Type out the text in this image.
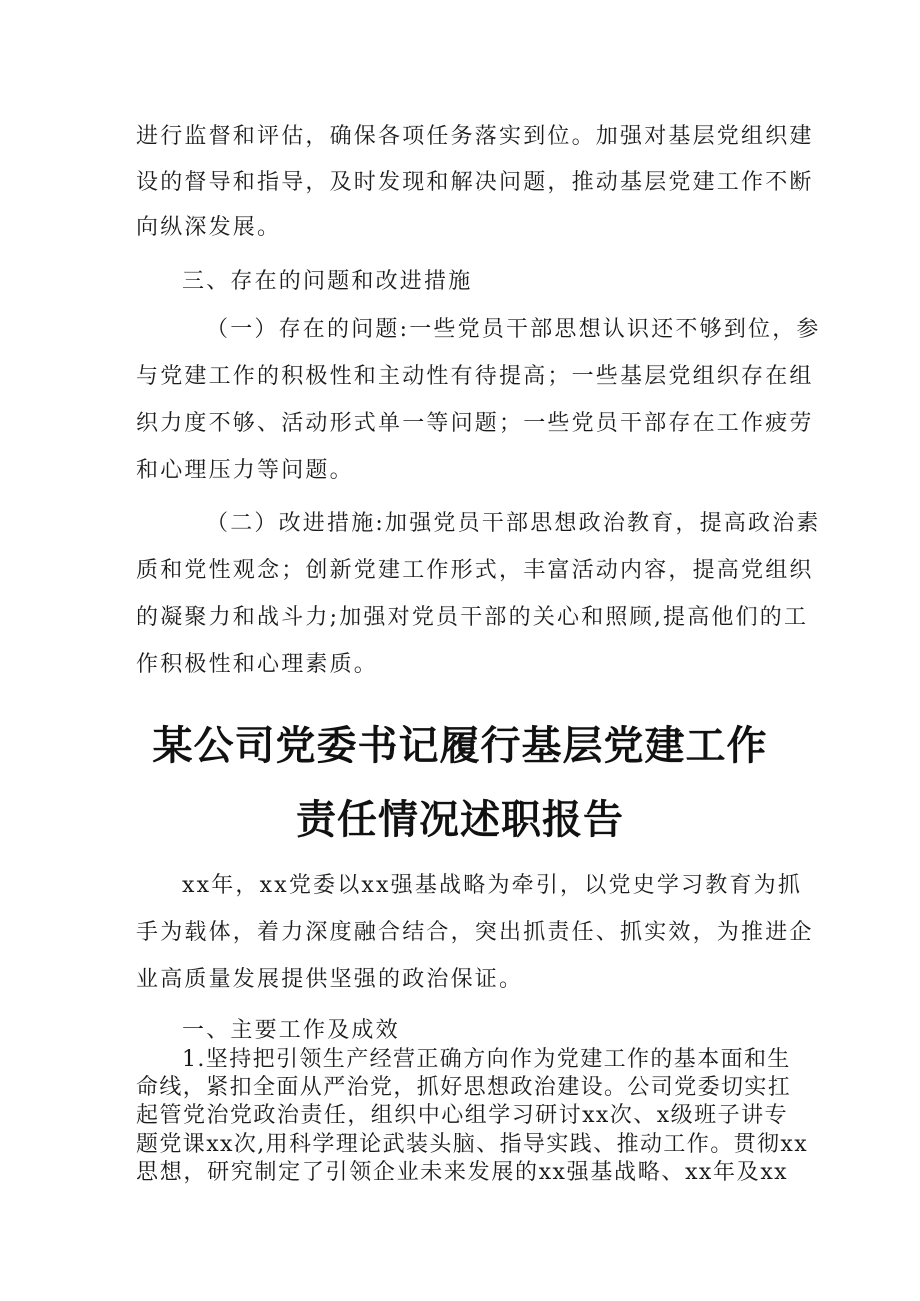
进行监督和评估，确保各项任务落实到位。加强对基层党组织建
设的督导和指导，及时发现和解决问题，推动基层党建工作不断
向纵深发展。
三、存在的问题和改进措施
（一）存在的问题:一些党员干部思想认识还不够到位，参
与党建工作的积极性和主动性有待提高；一些基层党组织存在组
织力度不够、活动形式单一等问题；一些党员干部存在工作疲劳
和心理压力等问题。
（二）改进措施:加强党员干部思想政治教育，提高政治素
质和党性观念；创新党建工作形式，丰富活动内容，提高党组织
的凝聚力和战斗力;加强对党员干部的关心和照顾,提高他们的工
作积极性和心理素质。
某公司党委书记履行基层党建工作
责任情况述职报告
xx年，xx党委以xx强基战略为牵引，以党史学习教育为抓
手为载体，着力深度融合结合，突出抓责任、抓实效，为推进企
业高质量发展提供坚强的政治保证。
一、主要工作及成效
1.坚持把引领生产经营正确方向作为党建工作的基本面和生
命线，紧扣全面从严治党，抓好思想政治建设。公司党委切实扛
起管党治党政治责任，组织中心组学习研讨xx次、x级班子讲专
题党课xx次,用科学理论武装头脑、指导实践、推动工作。贯彻xx
思想，研究制定了引领企业未来发展的xx强基战略、xx年及xx
